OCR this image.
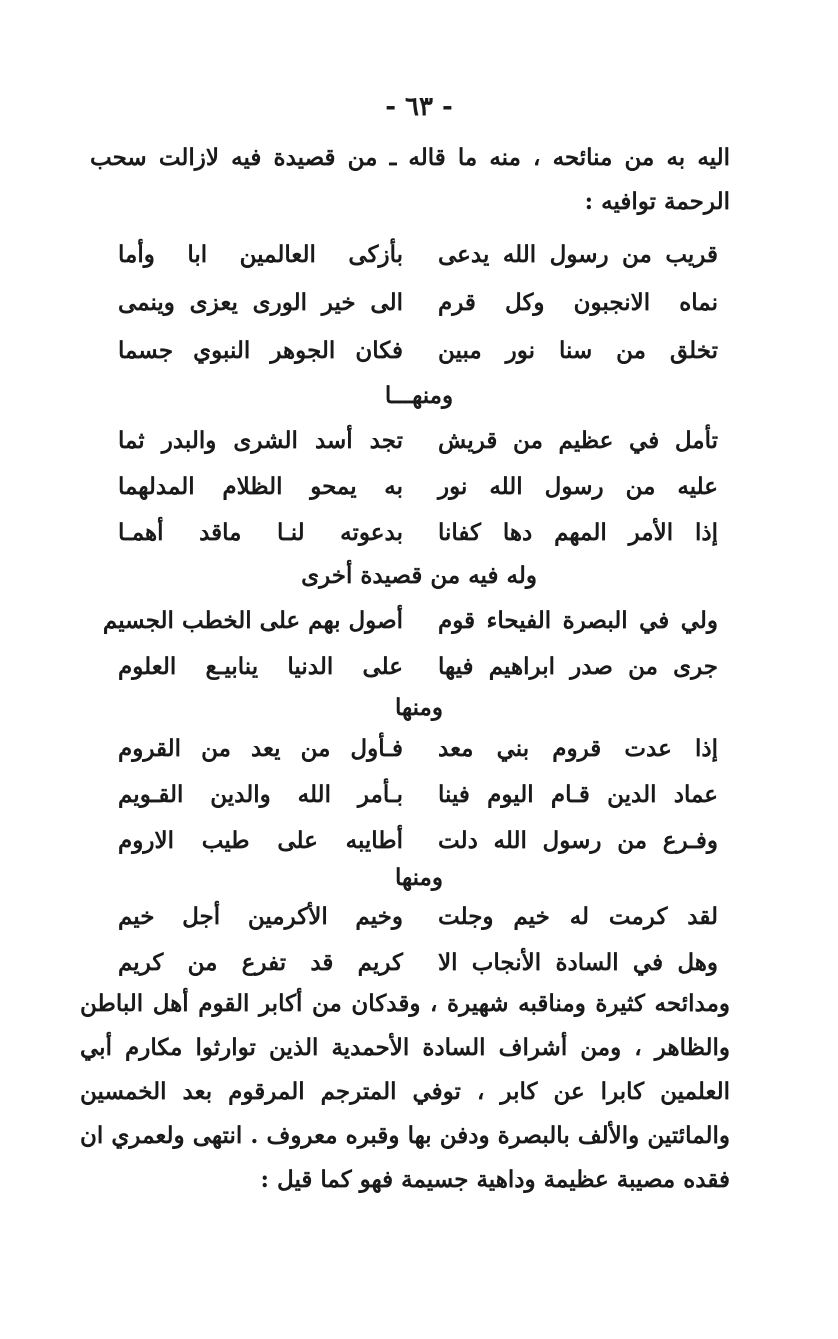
- ٦٣ -
اليه به من منائحه ، منه ما قاله ـ من قصيدة فيه لازالت سحب الرحمة توافيه :
قريب من رسول الله يدعى
بأزكى العالمين ابا وأما
نماه الانجبون وكل قرم
الى خير الورى يعزى وينمى
تخلق من سنا نور مبين
فكان الجوهر النبوي جسما
ومنهـــا
تأمل في عظيم من قريش
تجد أسد الشرى والبدر ثما
عليه من رسول الله نور
به يمحو الظلام المدلهما
إذا الأمر المهم دها كفانا
بدعوته لنـا ماقد أهمـا
وله فيه من قصيدة أخرى
ولي في البصرة الفيحاء قوم
أصول بهم على الخطب الجسيم
جرى من صدر ابراهيم فيها
على الدنيا ينابيـع العلوم
ومنها
إذا عدت قروم بني معد
فـأول من يعد من القروم
عماد الدين قـام اليوم فينا
بـأمر الله والدين القـويم
وفـرع من رسول الله دلت
أطايبه على طيب الاروم
ومنها
لقد كرمت له خيم وجلت
وخيم الأكرمين أجل خيم
وهل في السادة الأنجاب الا
كريم قد تفرع من كريم
ومدائحه كثيرة ومناقبه شهيرة ، وقدكان من أكابر القوم أهل الباطن والظاهر ، ومن أشراف السادة الأحمدية الذين توارثوا مكارم أبي العلمين كابرا عن كابر ، توفي المترجم المرقوم بعد الخمسين والمائتين والألف بالبصرة ودفن بها وقبره معروف . انتهى ولعمري ان فقده مصيبة عظيمة وداهية جسيمة فهو كما قيل :
